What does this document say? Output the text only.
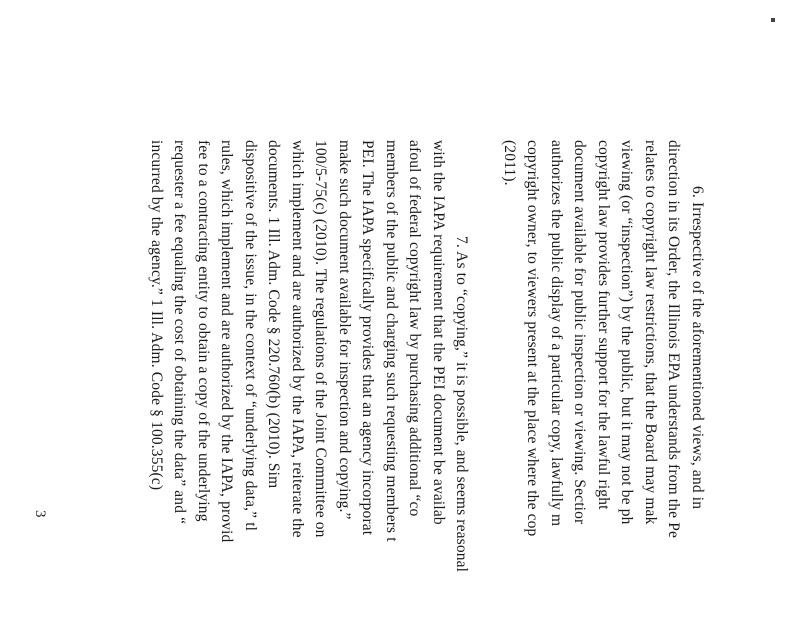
6. Irrespective of the aforementioned views, and in
direction in its Order, the Illinois EPA understands from the Pe
relates to copyright law restrictions, that the Board may mak
viewing (or “inspection”) by the public, but it may not be ph
copyright law provides further support for the lawful right
document available for public inspection or viewing. Sectior
authorizes the public display of a particular copy, lawfully m
copyright owner, to viewers present at the place where the cop
(2011).
7. As to “copying,” it is possible, and seems reasonal
with the IAPA requirement that the PEI document be availab
afoul of federal copyright law by purchasing additional “co
members of the public and charging such requesting members t
PEI. The IAPA specifically provides that an agency incorporat
make such document available for inspection and copying.”
100/5-75(c) (2010). The regulations of the Joint Committee on
which implement and are authorized by the IAPA, reiterate the
documents. 1 Ill. Adm. Code § 220.760(b) (2010). Sim
dispositive of the issue, in the context of “underlying data,” tl
rules, which implement and are authorized by the IAPA, provid
fee to a contracting entity to obtain a copy of the underlying
requester a fee equaling the cost of obtaining the data” and “
incurred by the agency.” 1 Ill. Adm. Code § 100.355(c)
3
